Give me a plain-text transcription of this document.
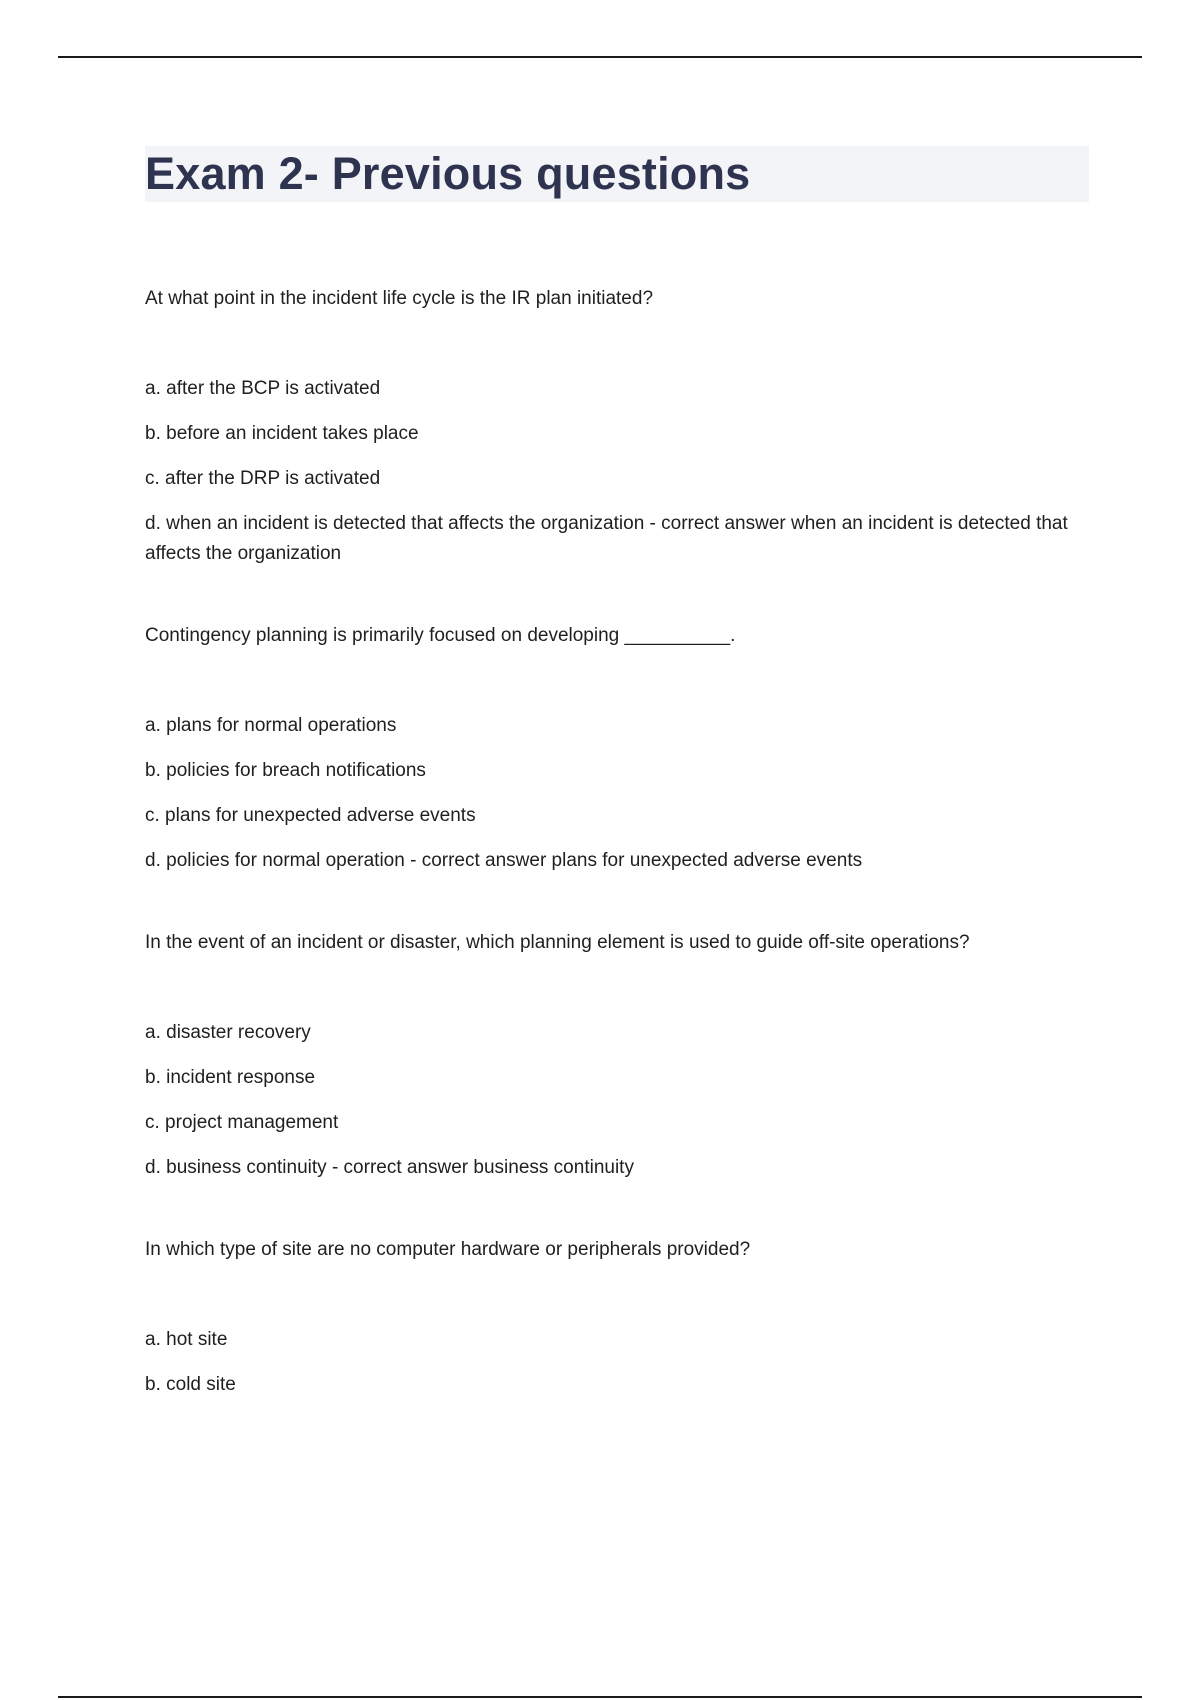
Exam 2- Previous questions

At what point in the incident life cycle is the IR plan initiated?

a. after the BCP is activated

b. before an incident takes place

c. after the DRP is activated

d. when an incident is detected that affects the organization - correct answer when an incident is detected that affects the organization

Contingency planning is primarily focused on developing __________.

a. plans for normal operations

b. policies for breach notifications

c. plans for unexpected adverse events

d. policies for normal operation - correct answer plans for unexpected adverse events

In the event of an incident or disaster, which planning element is used to guide off-site operations?

a. disaster recovery

b. incident response

c. project management

d. business continuity - correct answer business continuity

In which type of site are no computer hardware or peripherals provided?

a. hot site

b. cold site
